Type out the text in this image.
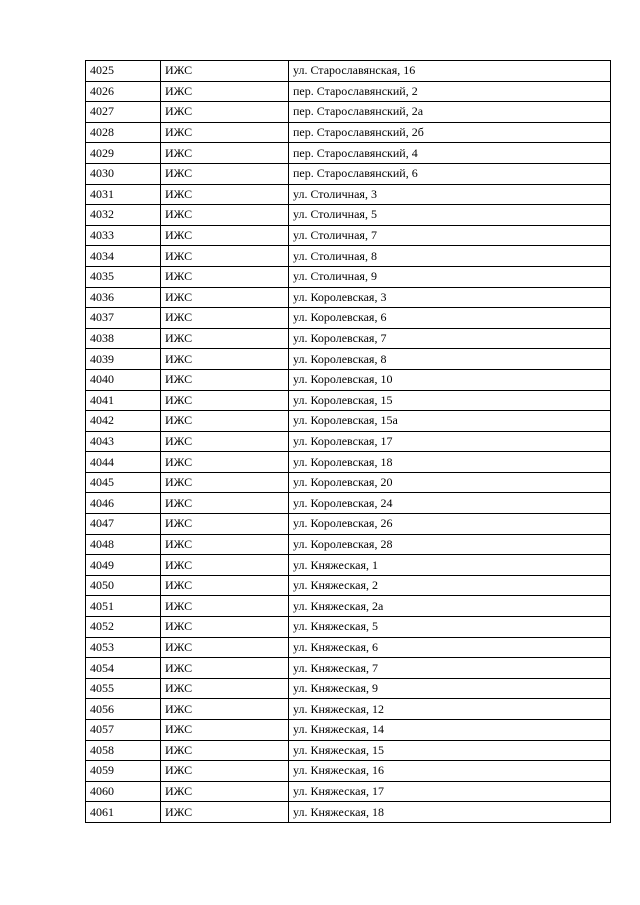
4025	ИЖС	ул. Старославянская, 16
4026	ИЖС	пер. Старославянский, 2
4027	ИЖС	пер. Старославянский, 2а
4028	ИЖС	пер. Старославянский, 2б
4029	ИЖС	пер. Старославянский, 4
4030	ИЖС	пер. Старославянский, 6
4031	ИЖС	ул. Столичная, 3
4032	ИЖС	ул. Столичная, 5
4033	ИЖС	ул. Столичная, 7
4034	ИЖС	ул. Столичная, 8
4035	ИЖС	ул. Столичная, 9
4036	ИЖС	ул. Королевская, 3
4037	ИЖС	ул. Королевская, 6
4038	ИЖС	ул. Королевская, 7
4039	ИЖС	ул. Королевская, 8
4040	ИЖС	ул. Королевская, 10
4041	ИЖС	ул. Королевская, 15
4042	ИЖС	ул. Королевская, 15а
4043	ИЖС	ул. Королевская, 17
4044	ИЖС	ул. Королевская, 18
4045	ИЖС	ул. Королевская, 20
4046	ИЖС	ул. Королевская, 24
4047	ИЖС	ул. Королевская, 26
4048	ИЖС	ул. Королевская, 28
4049	ИЖС	ул. Княжеская, 1
4050	ИЖС	ул. Княжеская, 2
4051	ИЖС	ул. Княжеская, 2а
4052	ИЖС	ул. Княжеская, 5
4053	ИЖС	ул. Княжеская, 6
4054	ИЖС	ул. Княжеская, 7
4055	ИЖС	ул. Княжеская, 9
4056	ИЖС	ул. Княжеская, 12
4057	ИЖС	ул. Княжеская, 14
4058	ИЖС	ул. Княжеская, 15
4059	ИЖС	ул. Княжеская, 16
4060	ИЖС	ул. Княжеская, 17
4061	ИЖС	ул. Княжеская, 18
